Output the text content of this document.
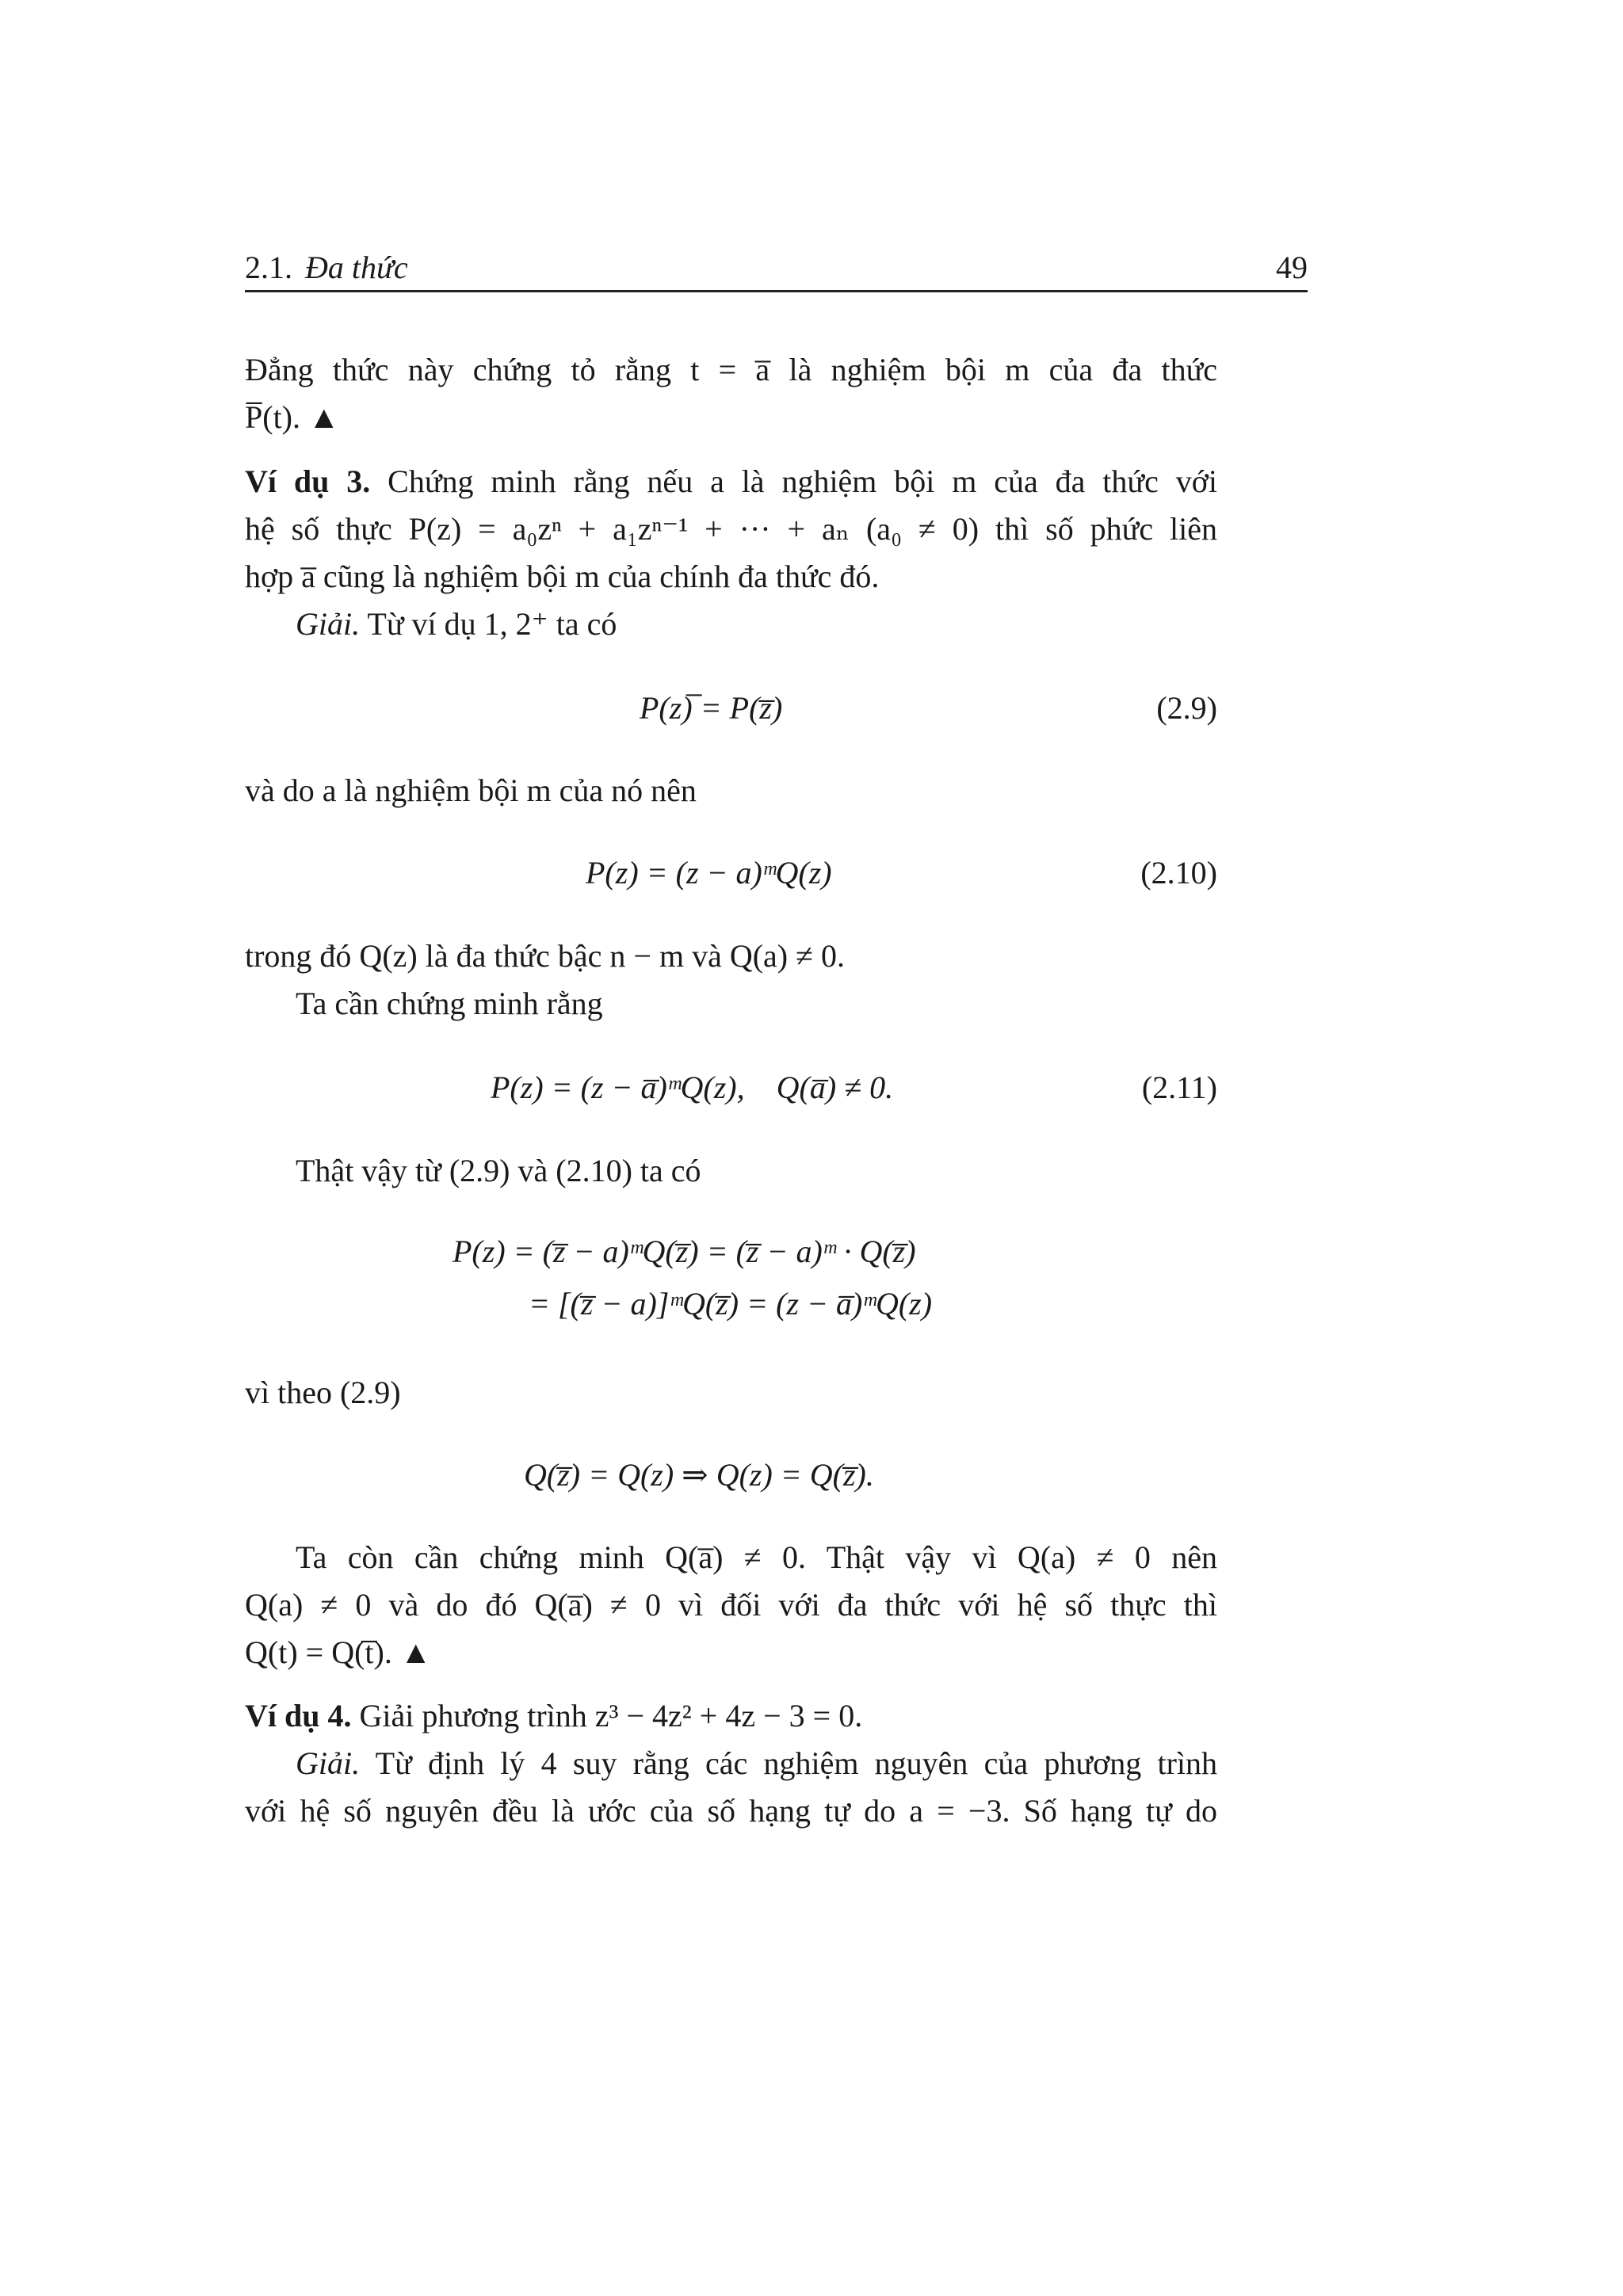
2.1. Đa thức	49
Đẳng thức này chứng tỏ rằng t = a̅ là nghiệm bội m của đa thức
P̅(t). ▲
Ví dụ 3. Chứng minh rằng nếu a là nghiệm bội m của đa thức với
hệ số thực P(z) = a₀zⁿ + a₁zⁿ⁻¹ + ··· + aₙ (a₀ ≠ 0) thì số phức liên
hợp a̅ cũng là nghiệm bội m của chính đa thức đó.
Giải. Từ ví dụ 1, 2⁺ ta có
P(z)̅ = P(z̅)	(2.9)
và do a là nghiệm bội m của nó nên
P(z) = (z − a)ᵐQ(z)	(2.10)
trong đó Q(z) là đa thức bậc n − m và Q(a) ≠ 0.
Ta cần chứng minh rằng
P(z) = (z − a̅)ᵐQ(z),    Q(a̅) ≠ 0.	(2.11)
Thật vậy từ (2.9) và (2.10) ta có
P(z) = (z̅ − a)ᵐQ(z̅) = (z̅ − a)ᵐ · Q(z̅)
= [(z̅ − a)]ᵐQ(z̅) = (z − a̅)ᵐQ(z)
vì theo (2.9)
Q(z̅) = Q(z) ⇒ Q(z) = Q(z̅).
Ta còn cần chứng minh Q(a̅) ≠ 0. Thật vậy vì Q(a) ≠ 0 nên
Q(a) ≠ 0 và do đó Q(a̅) ≠ 0 vì đối với đa thức với hệ số thực thì
Q(t) = Q(t̅). ▲
Ví dụ 4. Giải phương trình z³ − 4z² + 4z − 3 = 0.
Giải. Từ định lý 4 suy rằng các nghiệm nguyên của phương trình
với hệ số nguyên đều là ước của số hạng tự do a = −3. Số hạng tự do
